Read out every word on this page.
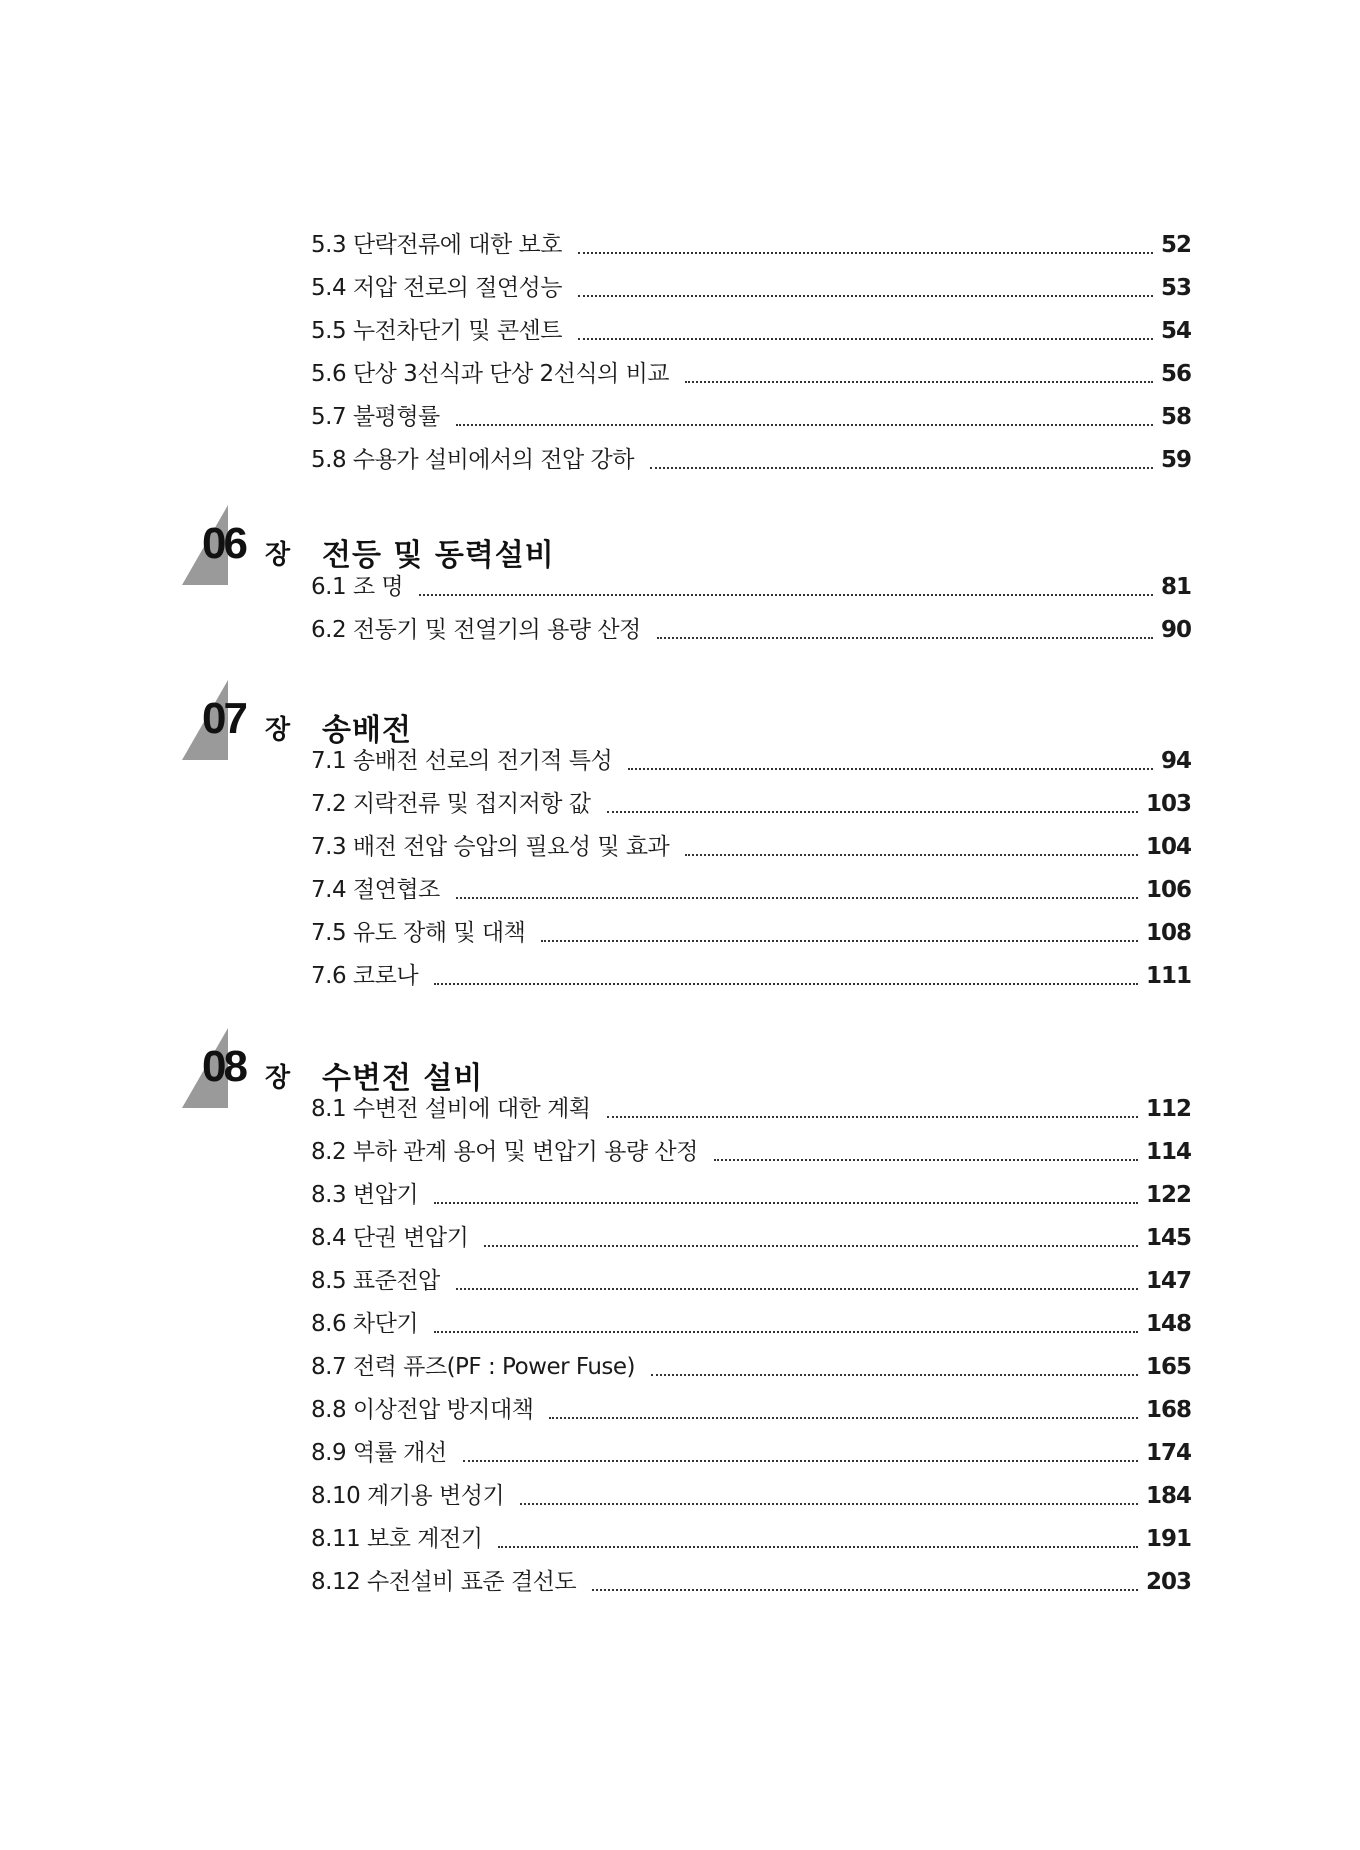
5.3 단락전류에 대한 보호	52
5.4 저압 전로의 절연성능	53
5.5 누전차단기 및 콘센트	54
5.6 단상 3선식과 단상 2선식의 비교	56
5.7 불평형률	58
5.8 수용가 설비에서의 전압 강하	59
06 장 전등 및 동력설비
6.1 조 명	81
6.2 전동기 및 전열기의 용량 산정	90
07 장 송배전
7.1 송배전 선로의 전기적 특성	94
7.2 지락전류 및 접지저항 값	103
7.3 배전 전압 승압의 필요성 및 효과	104
7.4 절연협조	106
7.5 유도 장해 및 대책	108
7.6 코로나	111
08 장 수변전 설비
8.1 수변전 설비에 대한 계획	112
8.2 부하 관계 용어 및 변압기 용량 산정	114
8.3 변압기	122
8.4 단권 변압기	145
8.5 표준전압	147
8.6 차단기	148
8.7 전력 퓨즈(PF : Power Fuse)	165
8.8 이상전압 방지대책	168
8.9 역률 개선	174
8.10 계기용 변성기	184
8.11 보호 계전기	191
8.12 수전설비 표준 결선도	203
